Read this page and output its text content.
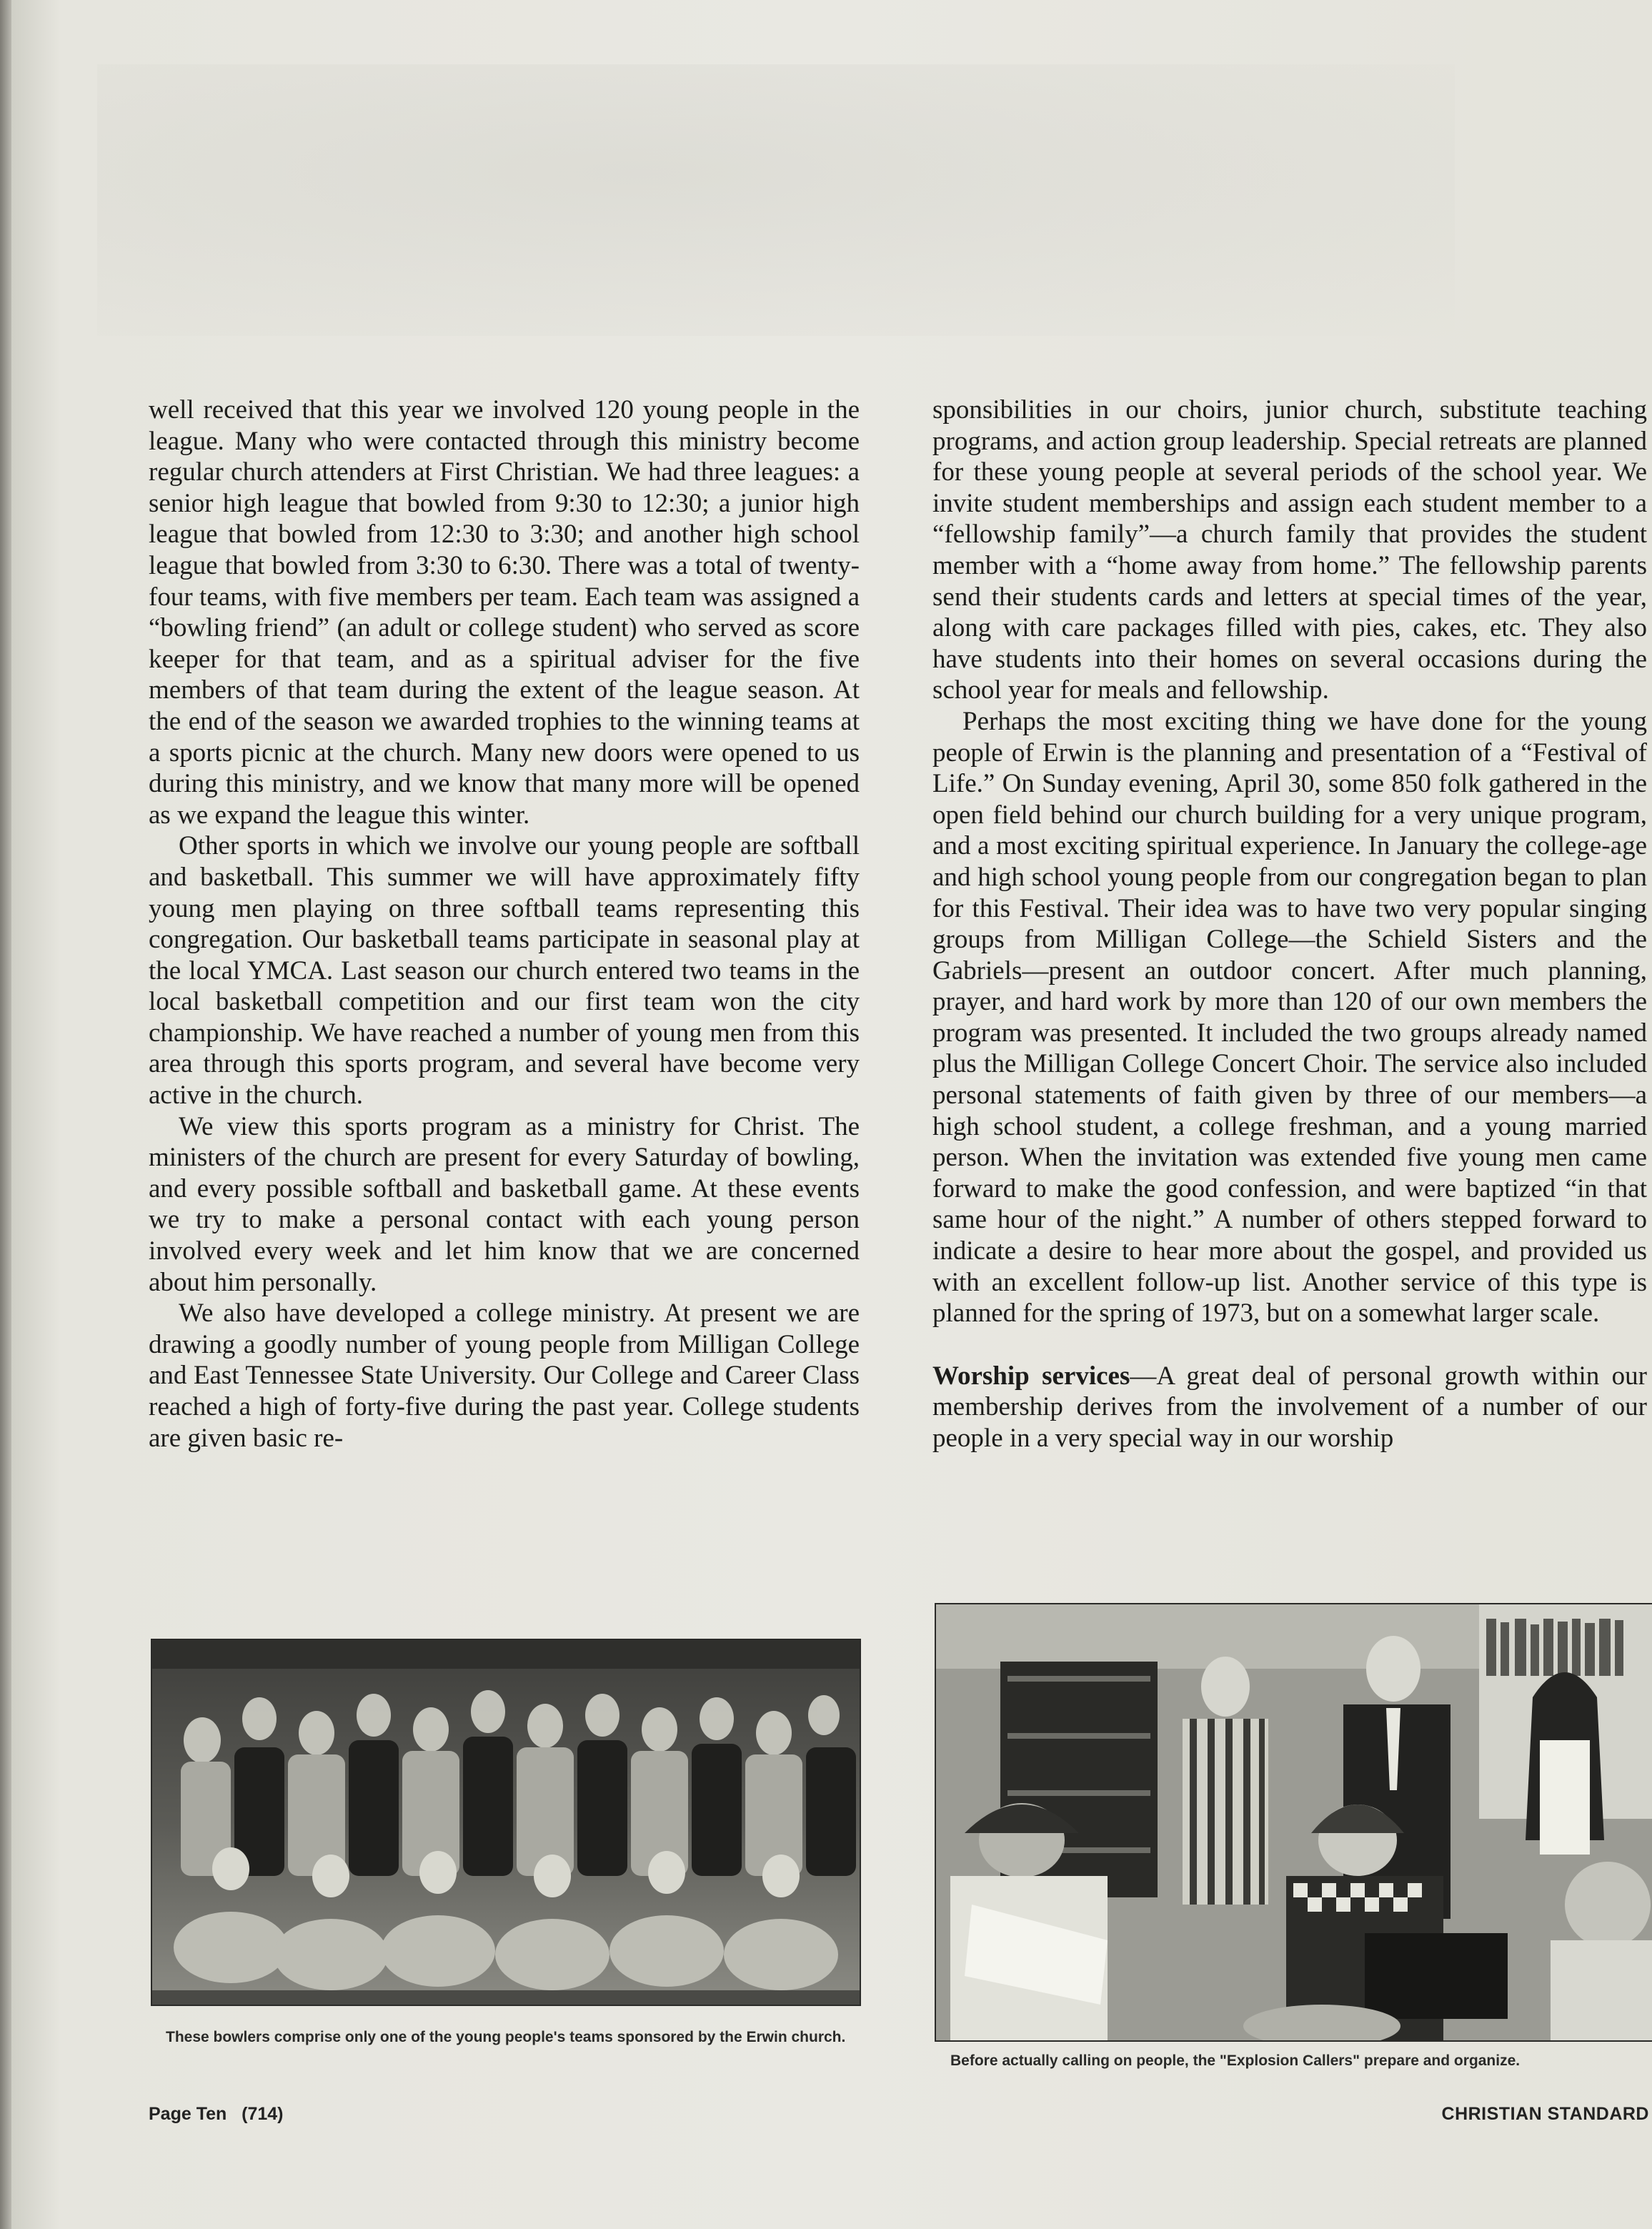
well received that this year we involved 120 young people in the league. Many who were contacted through this ministry become regular church attenders at First Christian. We had three leagues: a senior high league that bowled from 9:30 to 12:30; a junior high league that bowled from 12:30 to 3:30; and another high school league that bowled from 3:30 to 6:30. There was a total of twenty-four teams, with five members per team. Each team was assigned a “bowling friend” (an adult or college student) who served as score keeper for that team, and as a spiritual adviser for the five members of that team during the extent of the league season. At the end of the season we awarded trophies to the winning teams at a sports picnic at the church. Many new doors were opened to us during this ministry, and we know that many more will be opened as we expand the league this winter.

Other sports in which we involve our young people are softball and basketball. This summer we will have approximately fifty young men playing on three softball teams representing this congregation. Our basketball teams participate in seasonal play at the local YMCA. Last season our church entered two teams in the local basketball competition and our first team won the city championship. We have reached a number of young men from this area through this sports program, and several have become very active in the church.

We view this sports program as a ministry for Christ. The ministers of the church are present for every Saturday of bowling, and every possible softball and basketball game. At these events we try to make a personal contact with each young person involved every week and let him know that we are concerned about him personally.

We also have developed a college ministry. At present we are drawing a goodly number of young people from Milligan College and East Tennessee State University. Our College and Career Class reached a high of forty-five during the past year. College students are given basic re-

sponsibilities in our choirs, junior church, substitute teaching programs, and action group leadership. Special retreats are planned for these young people at several periods of the school year. We invite student memberships and assign each student member to a “fellowship family”—a church family that provides the student member with a “home away from home.” The fellowship parents send their students cards and letters at special times of the year, along with care packages filled with pies, cakes, etc. They also have students into their homes on several occasions during the school year for meals and fellowship.

Perhaps the most exciting thing we have done for the young people of Erwin is the planning and presentation of a “Festival of Life.” On Sunday evening, April 30, some 850 folk gathered in the open field behind our church building for a very unique program, and a most exciting spiritual experience. In January the college-age and high school young people from our congregation began to plan for this Festival. Their idea was to have two very popular singing groups from Milligan College—the Schield Sisters and the Gabriels—present an outdoor concert. After much planning, prayer, and hard work by more than 120 of our own members the program was presented. It included the two groups already named plus the Milligan College Concert Choir. The service also included personal statements of faith given by three of our members—a high school student, a college freshman, and a young married person. When the invitation was extended five young men came forward to make the good confession, and were baptized “in that same hour of the night.” A number of others stepped forward to indicate a desire to hear more about the gospel, and provided us with an excellent follow-up list. Another service of this type is planned for the spring of 1973, but on a somewhat larger scale.

Worship services—A great deal of personal growth within our membership derives from the involvement of a number of our people in a very special way in our worship

These bowlers comprise only one of the young people's teams sponsored by the Erwin church.
Before actually calling on people, the "Explosion Callers" prepare and organize.
Page Ten   (714)	CHRISTIAN STANDARD
